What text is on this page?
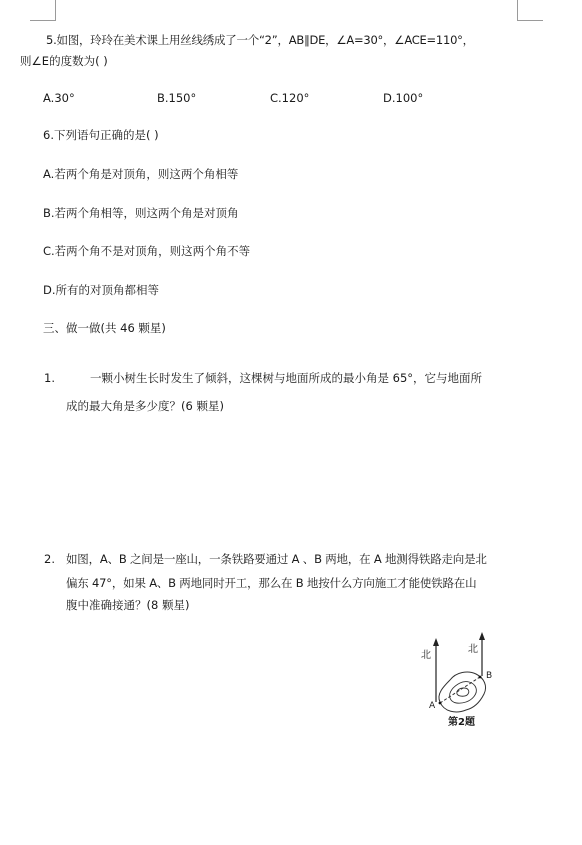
5.如图，玲玲在美术课上用丝线绣成了一个“2”，AB∥DE，∠A=30°，∠ACE=110°，
则∠E的度数为( )
A.30°	B.150°	C.120°	D.100°
6.下列语句正确的是( )
A.若两个角是对顶角，则这两个角相等
B.若两个角相等，则这两个角是对顶角
C.若两个角不是对顶角，则这两个角不等
D.所有的对顶角都相等
三、做一做(共 46 颗星)
1.	一颗小树生长时发生了倾斜，这棵树与地面所成的最小角是 65°，它与地面所
成的最大角是多少度？(6 颗星)
2. 如图，A、B 之间是一座山，一条铁路要通过 A 、B 两地，在 A 地测得铁路走向是北
偏东 47°，如果 A、B 两地同时开工，那么在 B 地按什么方向施工才能使铁路在山
腹中准确接通？(8 颗星)
北
北
A
B
第2题
